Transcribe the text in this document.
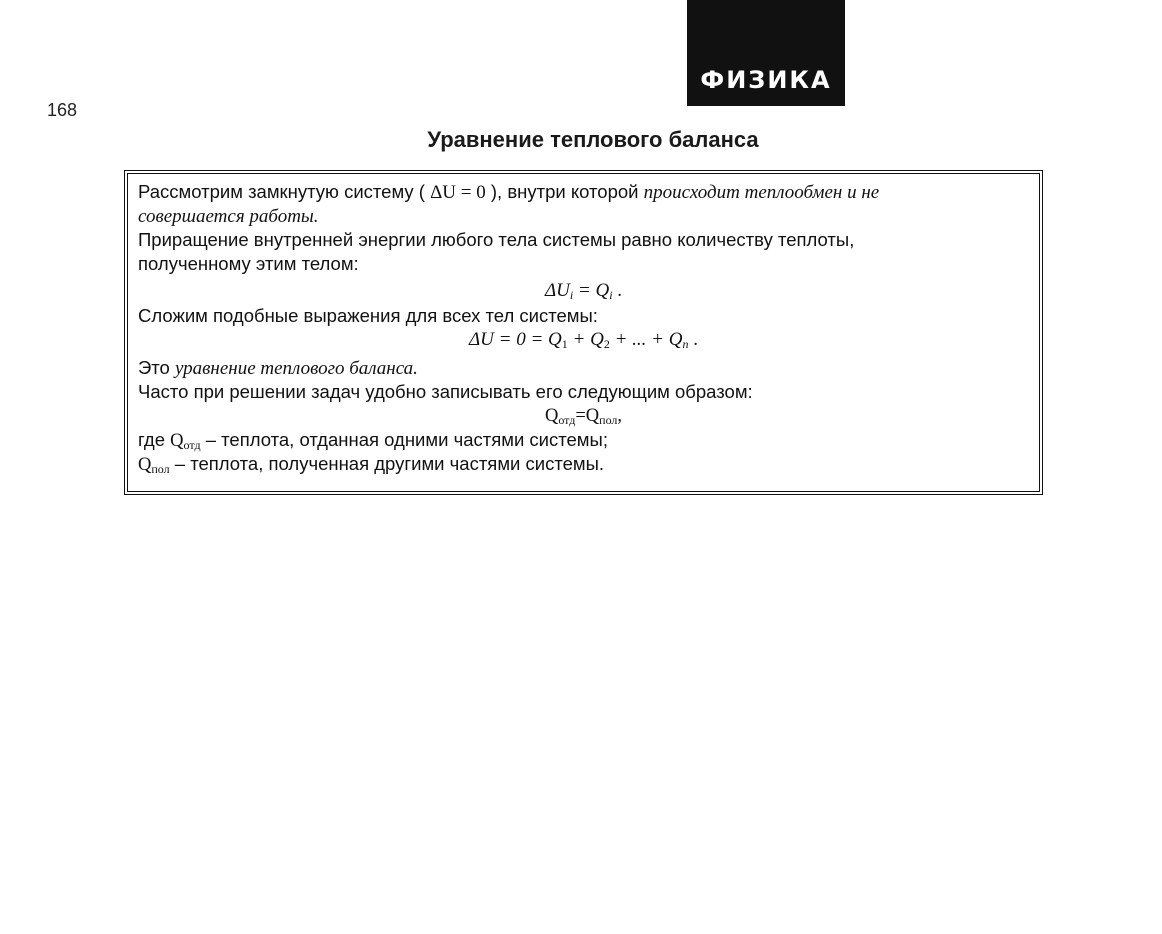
ФИЗИКА
168
Уравнение теплового баланса
Рассмотрим замкнутую систему ( ΔU = 0 ), внутри которой происходит теплообмен и не
совершается работы.
Приращение внутренней энергии любого тела системы равно количеству теплоты,
полученному этим телом:
$\Delta U_i = Q_i$ .
Сложим подобные выражения для всех тел системы:
$\Delta U = 0 = Q_1 + Q_2$ + ... + $Q_n$ .
Это уравнение теплового баланса.
Часто при решении задач удобно записывать его следующим образом:
$Q_{отд}=Q_{пол}$,
где $Q_{отд}$ – теплота, отданная одними частями системы;
$Q_{пол}$ – теплота, полученная другими частями системы.
